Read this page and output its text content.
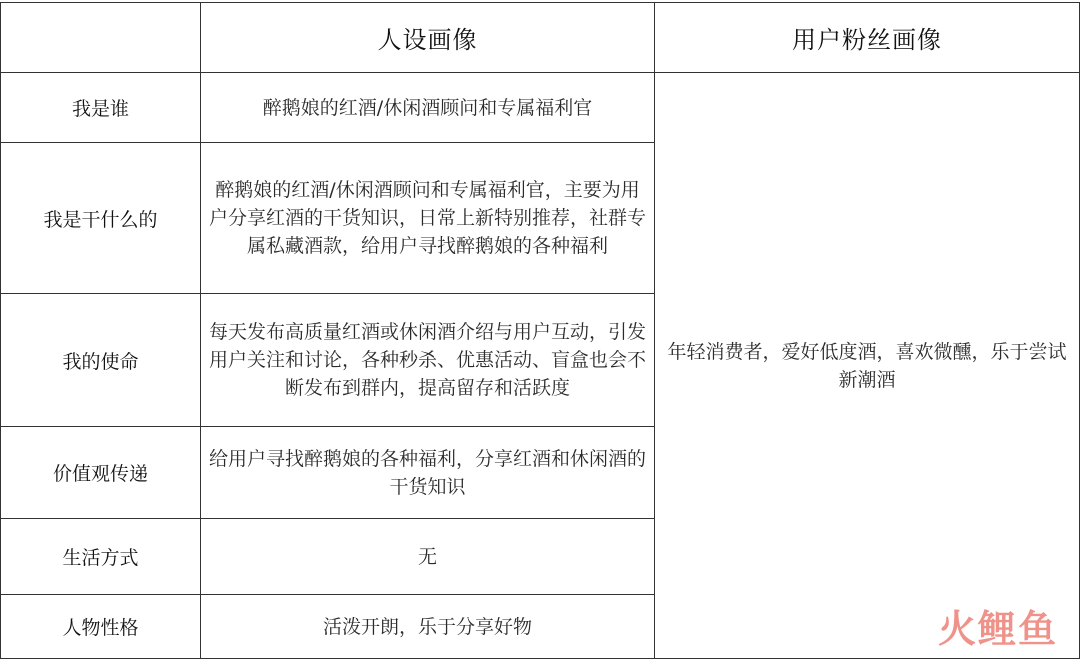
	人设画像	用户粉丝画像
我是谁	醉鹅娘的红酒/休闲酒顾问和专属福利官	年轻消费者，爱好低度酒，喜欢微醺，乐于尝试新潮酒
我是干什么的	醉鹅娘的红酒/休闲酒顾问和专属福利官，主要为用户分享红酒的干货知识，日常上新特别推荐，社群专属私藏酒款，给用户寻找醉鹅娘的各种福利	
我的使命	每天发布高质量红酒或休闲酒介绍与用户互动，引发用户关注和讨论，各种秒杀、优惠活动、盲盒也会不断发布到群内，提高留存和活跃度	
价值观传递	给用户寻找醉鹅娘的各种福利，分享红酒和休闲酒的干货知识	
生活方式	无	
人物性格	活泼开朗，乐于分享好物		火鲤鱼
